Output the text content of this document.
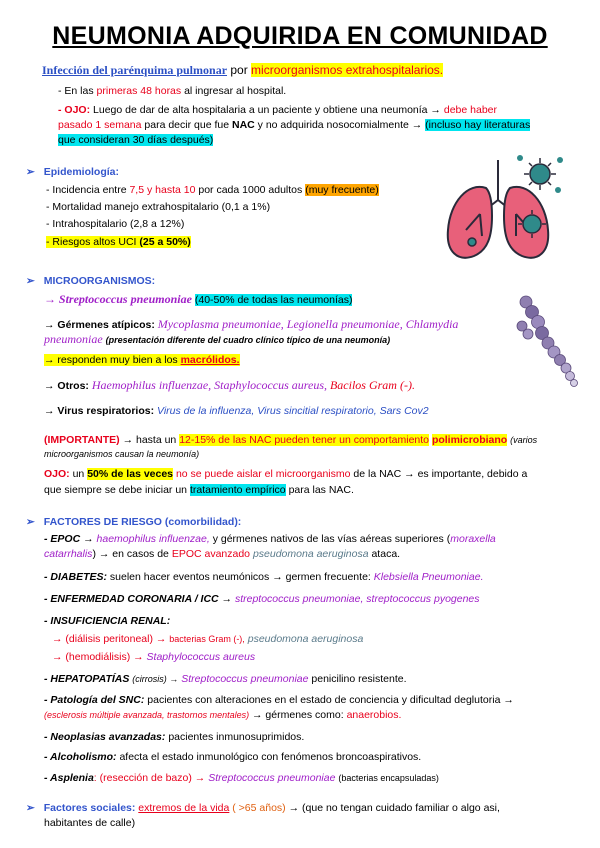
NEUMONIA ADQUIRIDA EN COMUNIDAD
Infección del parénquima pulmonar por microorganismos extrahospitalarios.
- En las primeras 48 horas al ingresar al hospital.
- OJO: Luego de dar de alta hospitalaria a un paciente y obtiene una neumonía → debe haber
pasado 1 semana para decir que fue NAC y no adquirida nosocomialmente → (incluso hay literaturas
que consideran 30 días después)
➢ Epidemiología:
- Incidencia entre 7,5 y hasta 10 por cada 1000 adultos (muy frecuente)
- Mortalidad manejo extrahospitalario (0,1 a 1%)
- Intrahospitalario (2,8 a 12%)
- Riesgos altos UCI (25 a 50%)
➢ MICROORGANISMOS:
→ Streptococcus pneumoniae (40-50% de todas las neumonías)
→ Gérmenes atípicos: Mycoplasma pneumoniae, Legionella pneumoniae, Chlamydia
pneumoniae (presentación diferente del cuadro clínico típico de una neumonía)
→ responden muy bien a los macrólidos.
→ Otros: Haemophilus influenzae, Staphylococcus aureus, Bacilos Gram (-).
→ Virus respiratorios: Virus de la influenza, Virus sincitial respiratorio, Sars Cov2
(IMPORTANTE) → hasta un 12-15% de las NAC pueden tener un comportamiento polimicrobiano (varios
microorganismos causan la neumonía)
OJO: un 50% de las veces no se puede aislar el microorganismo de la NAC → es importante, debido a
que siempre se debe iniciar un tratamiento empírico para las NAC.
➢ FACTORES DE RIESGO (comorbilidad):
- EPOC → haemophilus influenzae, y gérmenes nativos de las vías aéreas superiores (moraxella
catarrhalis) → en casos de EPOC avanzado pseudomona aeruginosa ataca.
- DIABETES: suelen hacer eventos neumónicos → germen frecuente: Klebsiella Pneumoniae.
- ENFERMEDAD CORONARIA / ICC → streptococcus pneumoniae, streptococcus pyogenes
- INSUFICIENCIA RENAL:
→ (diálisis peritoneal) → bacterias Gram (-), pseudomona aeruginosa
→ (hemodiálisis) → Staphylococcus aureus
- HEPATOPATÍAS (cirrosis) → Streptococcus pneumoniae penicilino resistente.
- Patología del SNC: pacientes con alteraciones en el estado de conciencia y dificultad deglutoria →
(esclerosis múltiple avanzada, trastornos mentales) → gérmenes como: anaerobios.
- Neoplasias avanzadas: pacientes inmunosuprimidos.
- Alcoholismo: afecta el estado inmunológico con fenómenos broncoaspirativos.
- Asplenia: (resección de bazo) → Streptococcus pneumoniae (bacterias encapsuladas)
➢ Factores sociales: extremos de la vida ( >65 años) → (que no tengan cuidado familiar o algo asi,
habitantes de calle)
